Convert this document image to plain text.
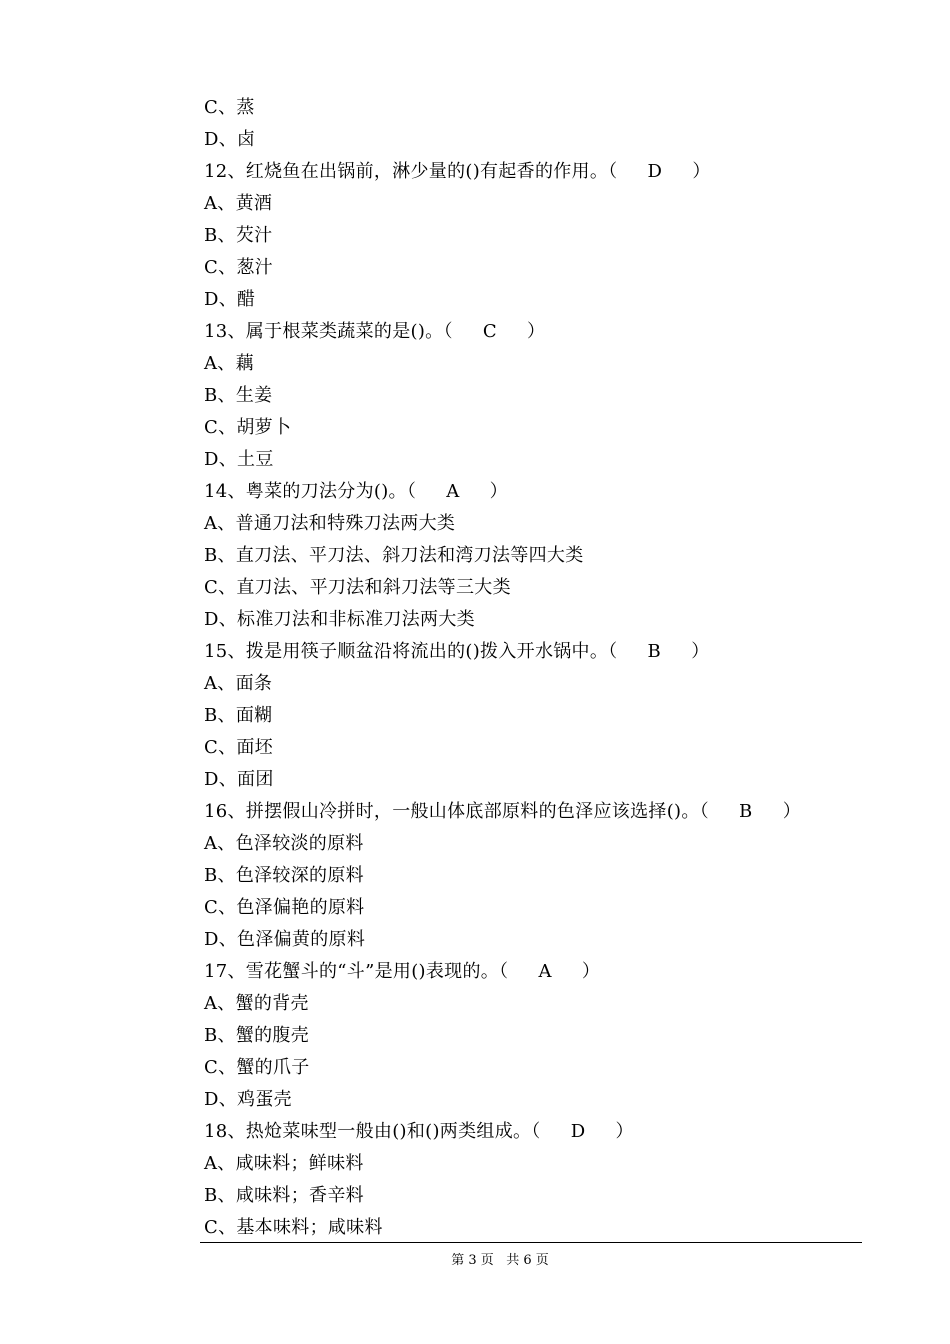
C、蒸
D、卤
12、红烧鱼在出锅前，淋少量的()有起香的作用。（     D     ）
A、黄酒
B、芡汁
C、葱汁
D、醋
13、属于根菜类蔬菜的是()。（     C     ）
A、藕
B、生姜
C、胡萝卜
D、土豆
14、粤菜的刀法分为()。（     A     ）
A、普通刀法和特殊刀法两大类
B、直刀法、平刀法、斜刀法和湾刀法等四大类
C、直刀法、平刀法和斜刀法等三大类
D、标准刀法和非标准刀法两大类
15、拨是用筷子顺盆沿将流出的()拨入开水锅中。（     B     ）
A、面条
B、面糊
C、面坯
D、面团
16、拼摆假山冷拼时，一般山体底部原料的色泽应该选择()。（     B     ）
A、色泽较淡的原料
B、色泽较深的原料
C、色泽偏艳的原料
D、色泽偏黄的原料
17、雪花蟹斗的“斗”是用()表现的。（     A     ）
A、蟹的背壳
B、蟹的腹壳
C、蟹的爪子
D、鸡蛋壳
18、热炝菜味型一般由()和()两类组成。（     D     ）
A、咸味料；鲜味料
B、咸味料；香辛料
C、基本味料；咸味料
第 3 页   共 6 页
